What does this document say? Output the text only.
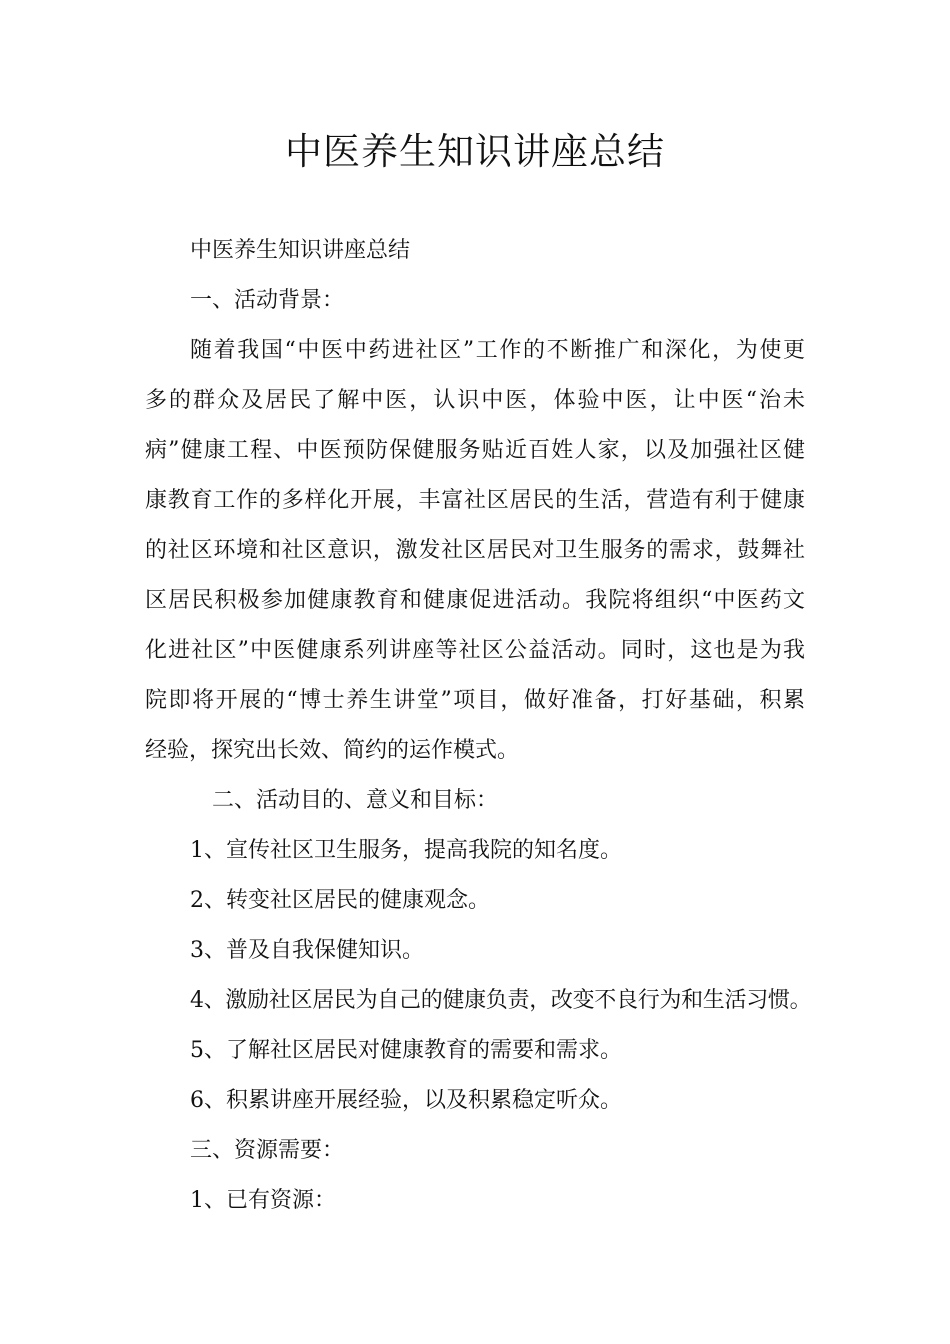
中医养生知识讲座总结
中医养生知识讲座总结
一、活动背景：
随着我国“中医中药进社区”工作的不断推广和深化，为使更
多的群众及居民了解中医，认识中医，体验中医，让中医“治未
病”健康工程、中医预防保健服务贴近百姓人家，以及加强社区健
康教育工作的多样化开展，丰富社区居民的生活，营造有利于健康
的社区环境和社区意识，激发社区居民对卫生服务的需求，鼓舞社
区居民积极参加健康教育和健康促进活动。我院将组织“中医药文
化进社区”中医健康系列讲座等社区公益活动。同时，这也是为我
院即将开展的“博士养生讲堂”项目，做好准备，打好基础，积累
经验，探究出长效、简约的运作模式。
二、活动目的、意义和目标：
1、宣传社区卫生服务，提高我院的知名度。
2、转变社区居民的健康观念。
3、普及自我保健知识。
4、激励社区居民为自己的健康负责，改变不良行为和生活习惯。
5、了解社区居民对健康教育的需要和需求。
6、积累讲座开展经验，以及积累稳定听众。
三、资源需要：
1、已有资源：
